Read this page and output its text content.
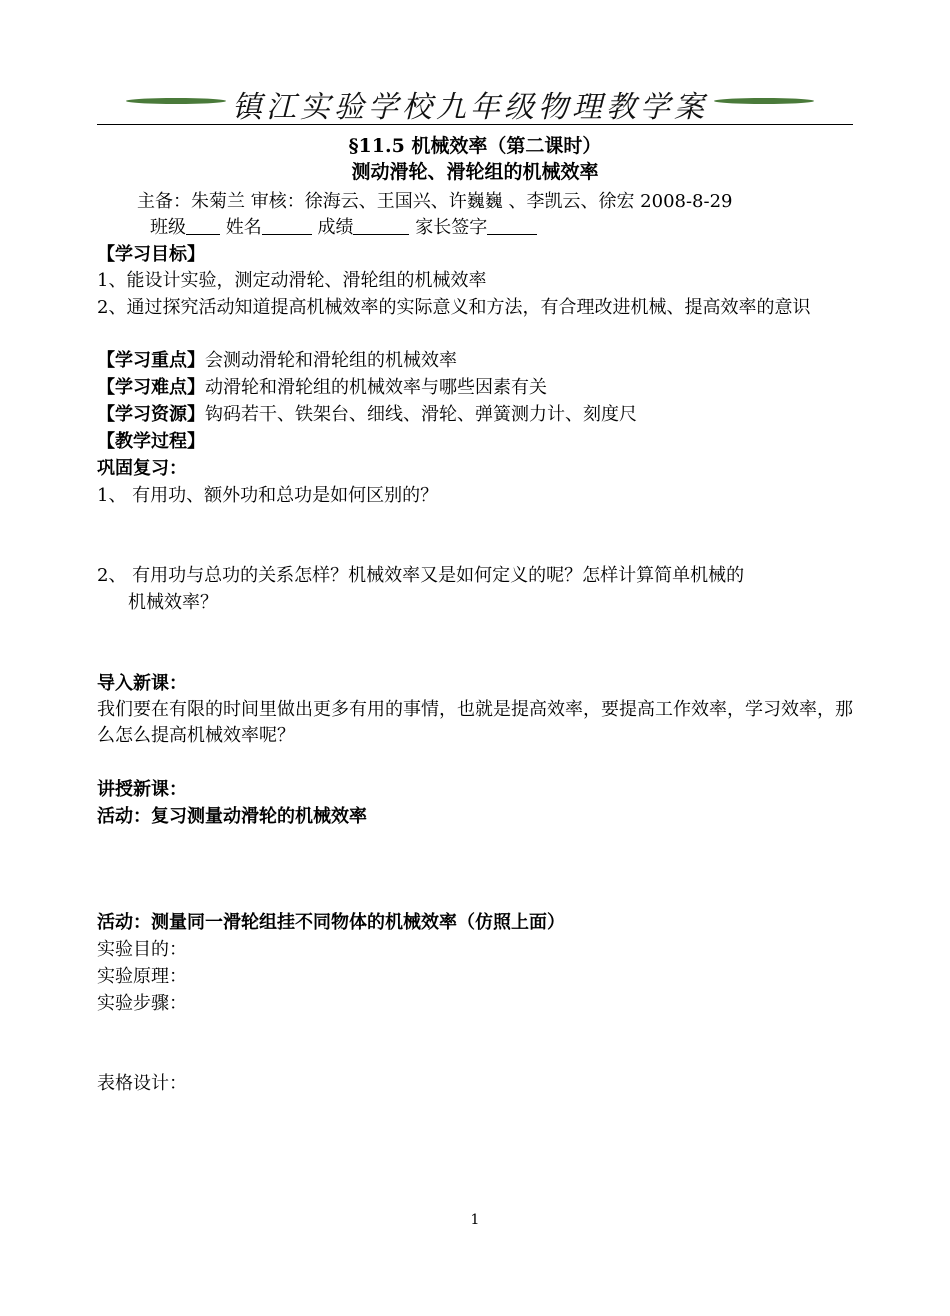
镇江实验学校九年级物理教学案
§11.5 机械效率（第二课时）
测动滑轮、滑轮组的机械效率
主备：朱菊兰 审核：徐海云、王国兴、许巍巍 、李凯云、徐宏 2008-8-29
班级 姓名	成绩	家长签字
【学习目标】
1、能设计实验，测定动滑轮、滑轮组的机械效率
2、通过探究活动知道提高机械效率的实际意义和方法，有合理改进机械、提高效率的意识
【学习重点】会测动滑轮和滑轮组的机械效率
【学习难点】动滑轮和滑轮组的机械效率与哪些因素有关
【学习资源】钩码若干、铁架台、细线、滑轮、弹簧测力计、刻度尺
【教学过程】
巩固复习：
1、 有用功、额外功和总功是如何区别的？
2、 有用功与总功的关系怎样？机械效率又是如何定义的呢？怎样计算简单机械的
机械效率？
导入新课：
我们要在有限的时间里做出更多有用的事情，也就是提高效率，要提高工作效率，学习效率，那么怎么提高机械效率呢？
讲授新课：
活动：复习测量动滑轮的机械效率
活动：测量同一滑轮组挂不同物体的机械效率（仿照上面）
实验目的：
实验原理：
实验步骤：
表格设计：
1
